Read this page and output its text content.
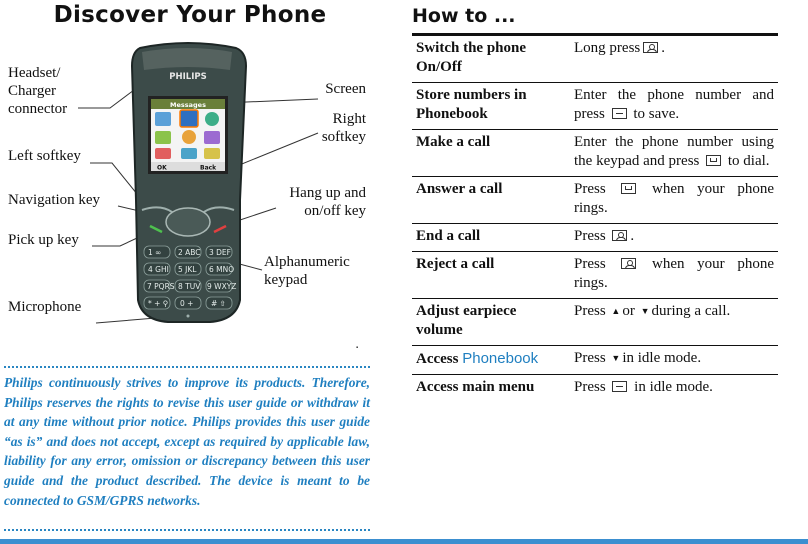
Discover Your Phone	How to ...
PHILIPS
Messages
OK	Back
1 ∞ 2 ABC 3 DEF
4 GHI 5 JKL 6 MNO
7 PQRS 8 TUV 9 WXYZ
* + ⚲ 0 + # ⇧
▪
Headset/
Charger
connector
Screen
Right
softkey
Left softkey
Navigation key	Hang up and
on/off key
Pick up key
Alphanumeric
keypad
Microphone

Philips continuously strives to improve its products. Therefore, Philips reserves the rights to revise this user guide or withdraw it at any time without prior notice. Philips provides this user guide “as is” and does not accept, except as required by applicable law, liability for any error, omission or discrepancy between this user guide and the product described. The device is meant to be connected to GSM/GPRS networks.

Switch the phone On/Off	Long press .
Store numbers in Phonebook	Enter the phone number and press to save.
Make a call	Enter the phone number using the keypad and press to dial.
Answer a call	Press when your phone rings.
End a call	Press .
Reject a call	Press when your phone rings.
Adjust earpiece volume	Press ▲ or ▼ during a call.
Access Phonebook	Press ▼ in idle mode.
Access main menu	Press in idle mode.
